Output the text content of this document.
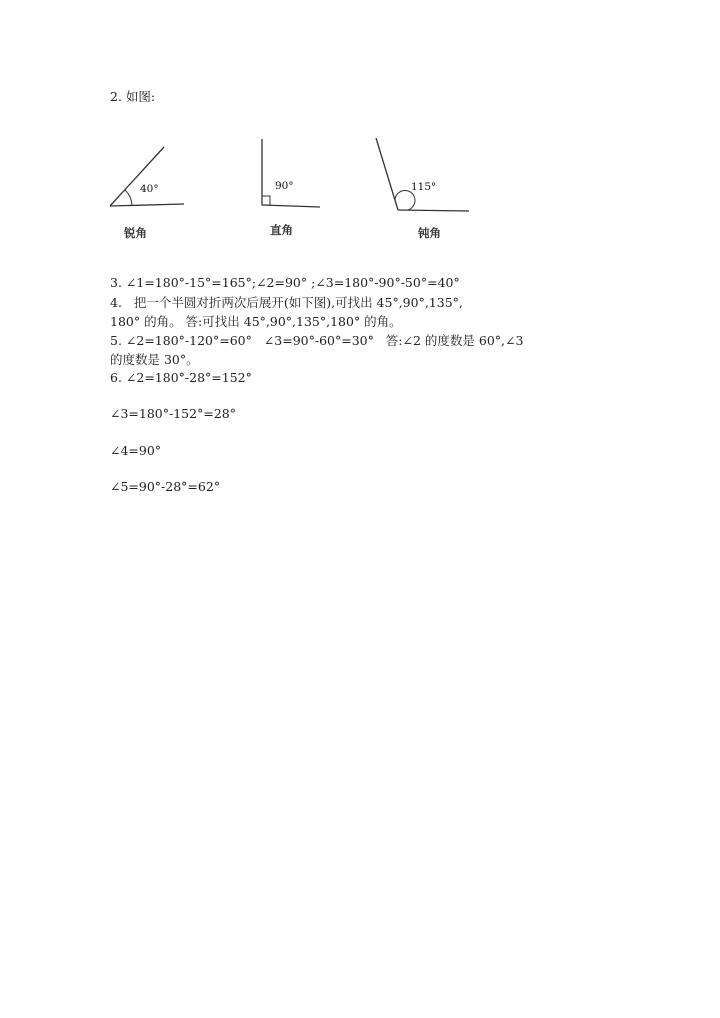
2. 如图:
40°
锐角
90°
直角
115°
钝角
3. ∠1=180°-15°=165°;∠2=90° ;∠3=180°-90°-50°=40°
4.   把一个半圆对折两次后展开(如下图),可找出 45°,90°,135°,
180° 的角。 答:可找出 45°,90°,135°,180° 的角。
5. ∠2=180°-120°=60°   ∠3=90°-60°=30°   答:∠2 的度数是 60°,∠3
的度数是 30°。
6. ∠2=180°-28°=152°
∠3=180°-152°=28°
∠4=90°
∠5=90°-28°=62°
